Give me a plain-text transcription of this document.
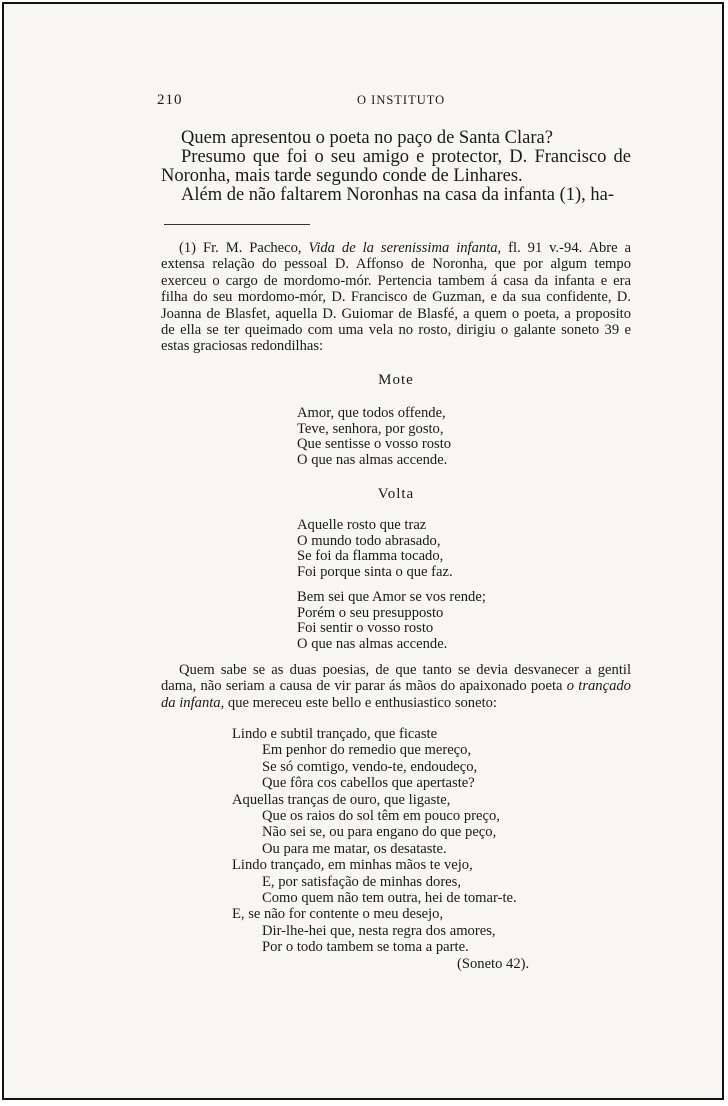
210	O INSTITUTO

Quem apresentou o poeta no paço de Santa Clara?

Presumo que foi o seu amigo e protector, D. Francisco de Noronha, mais tarde segundo conde de Linhares.

Além de não faltarem Noronhas na casa da infanta (1), ha-

(1) Fr. M. Pacheco, Vida de la serenissima infanta, fl. 91 v.-94. Abre a extensa relação do pessoal D. Affonso de Noronha, que por algum tempo exerceu o cargo de mordomo-mór. Pertencia tambem á casa da infanta e era filha do seu mordomo-mór, D. Francisco de Guzman, e da sua confidente, D. Joanna de Blasfet, aquella D. Guiomar de Blasfé, a quem o poeta, a proposito de ella se ter queimado com uma vela no rosto, dirigiu o galante soneto 39 e estas graciosas redondilhas:

Mote
Amor, que todos offende,
Teve, senhora, por gosto,
Que sentisse o vosso rosto
O que nas almas accende.
Volta
Aquelle rosto que traz
O mundo todo abrasado,
Se foi da flamma tocado,
Foi porque sinta o que faz.
Bem sei que Amor se vos rende;
Porém o seu presupposto
Foi sentir o vosso rosto
O que nas almas accende.

Quem sabe se as duas poesias, de que tanto se devia desvanecer a gentil dama, não seriam a causa de vir parar ás mãos do apaixonado poeta o trançado da infanta, que mereceu este bello e enthusiastico soneto:

Lindo e subtil trançado, que ficaste
Em penhor do remedio que mereço,
Se só comtigo, vendo-te, endoudeço,
Que fôra cos cabellos que apertaste?
Aquellas tranças de ouro, que ligaste,
Que os raios do sol têm em pouco preço,
Não sei se, ou para engano do que peço,
Ou para me matar, os desataste.
Lindo trançado, em minhas mãos te vejo,
E, por satisfação de minhas dores,
Como quem não tem outra, hei de tomar-te.
E, se não for contente o meu desejo,
Dir-lhe-hei que, nesta regra dos amores,
Por o todo tambem se toma a parte.
(Soneto 42).
